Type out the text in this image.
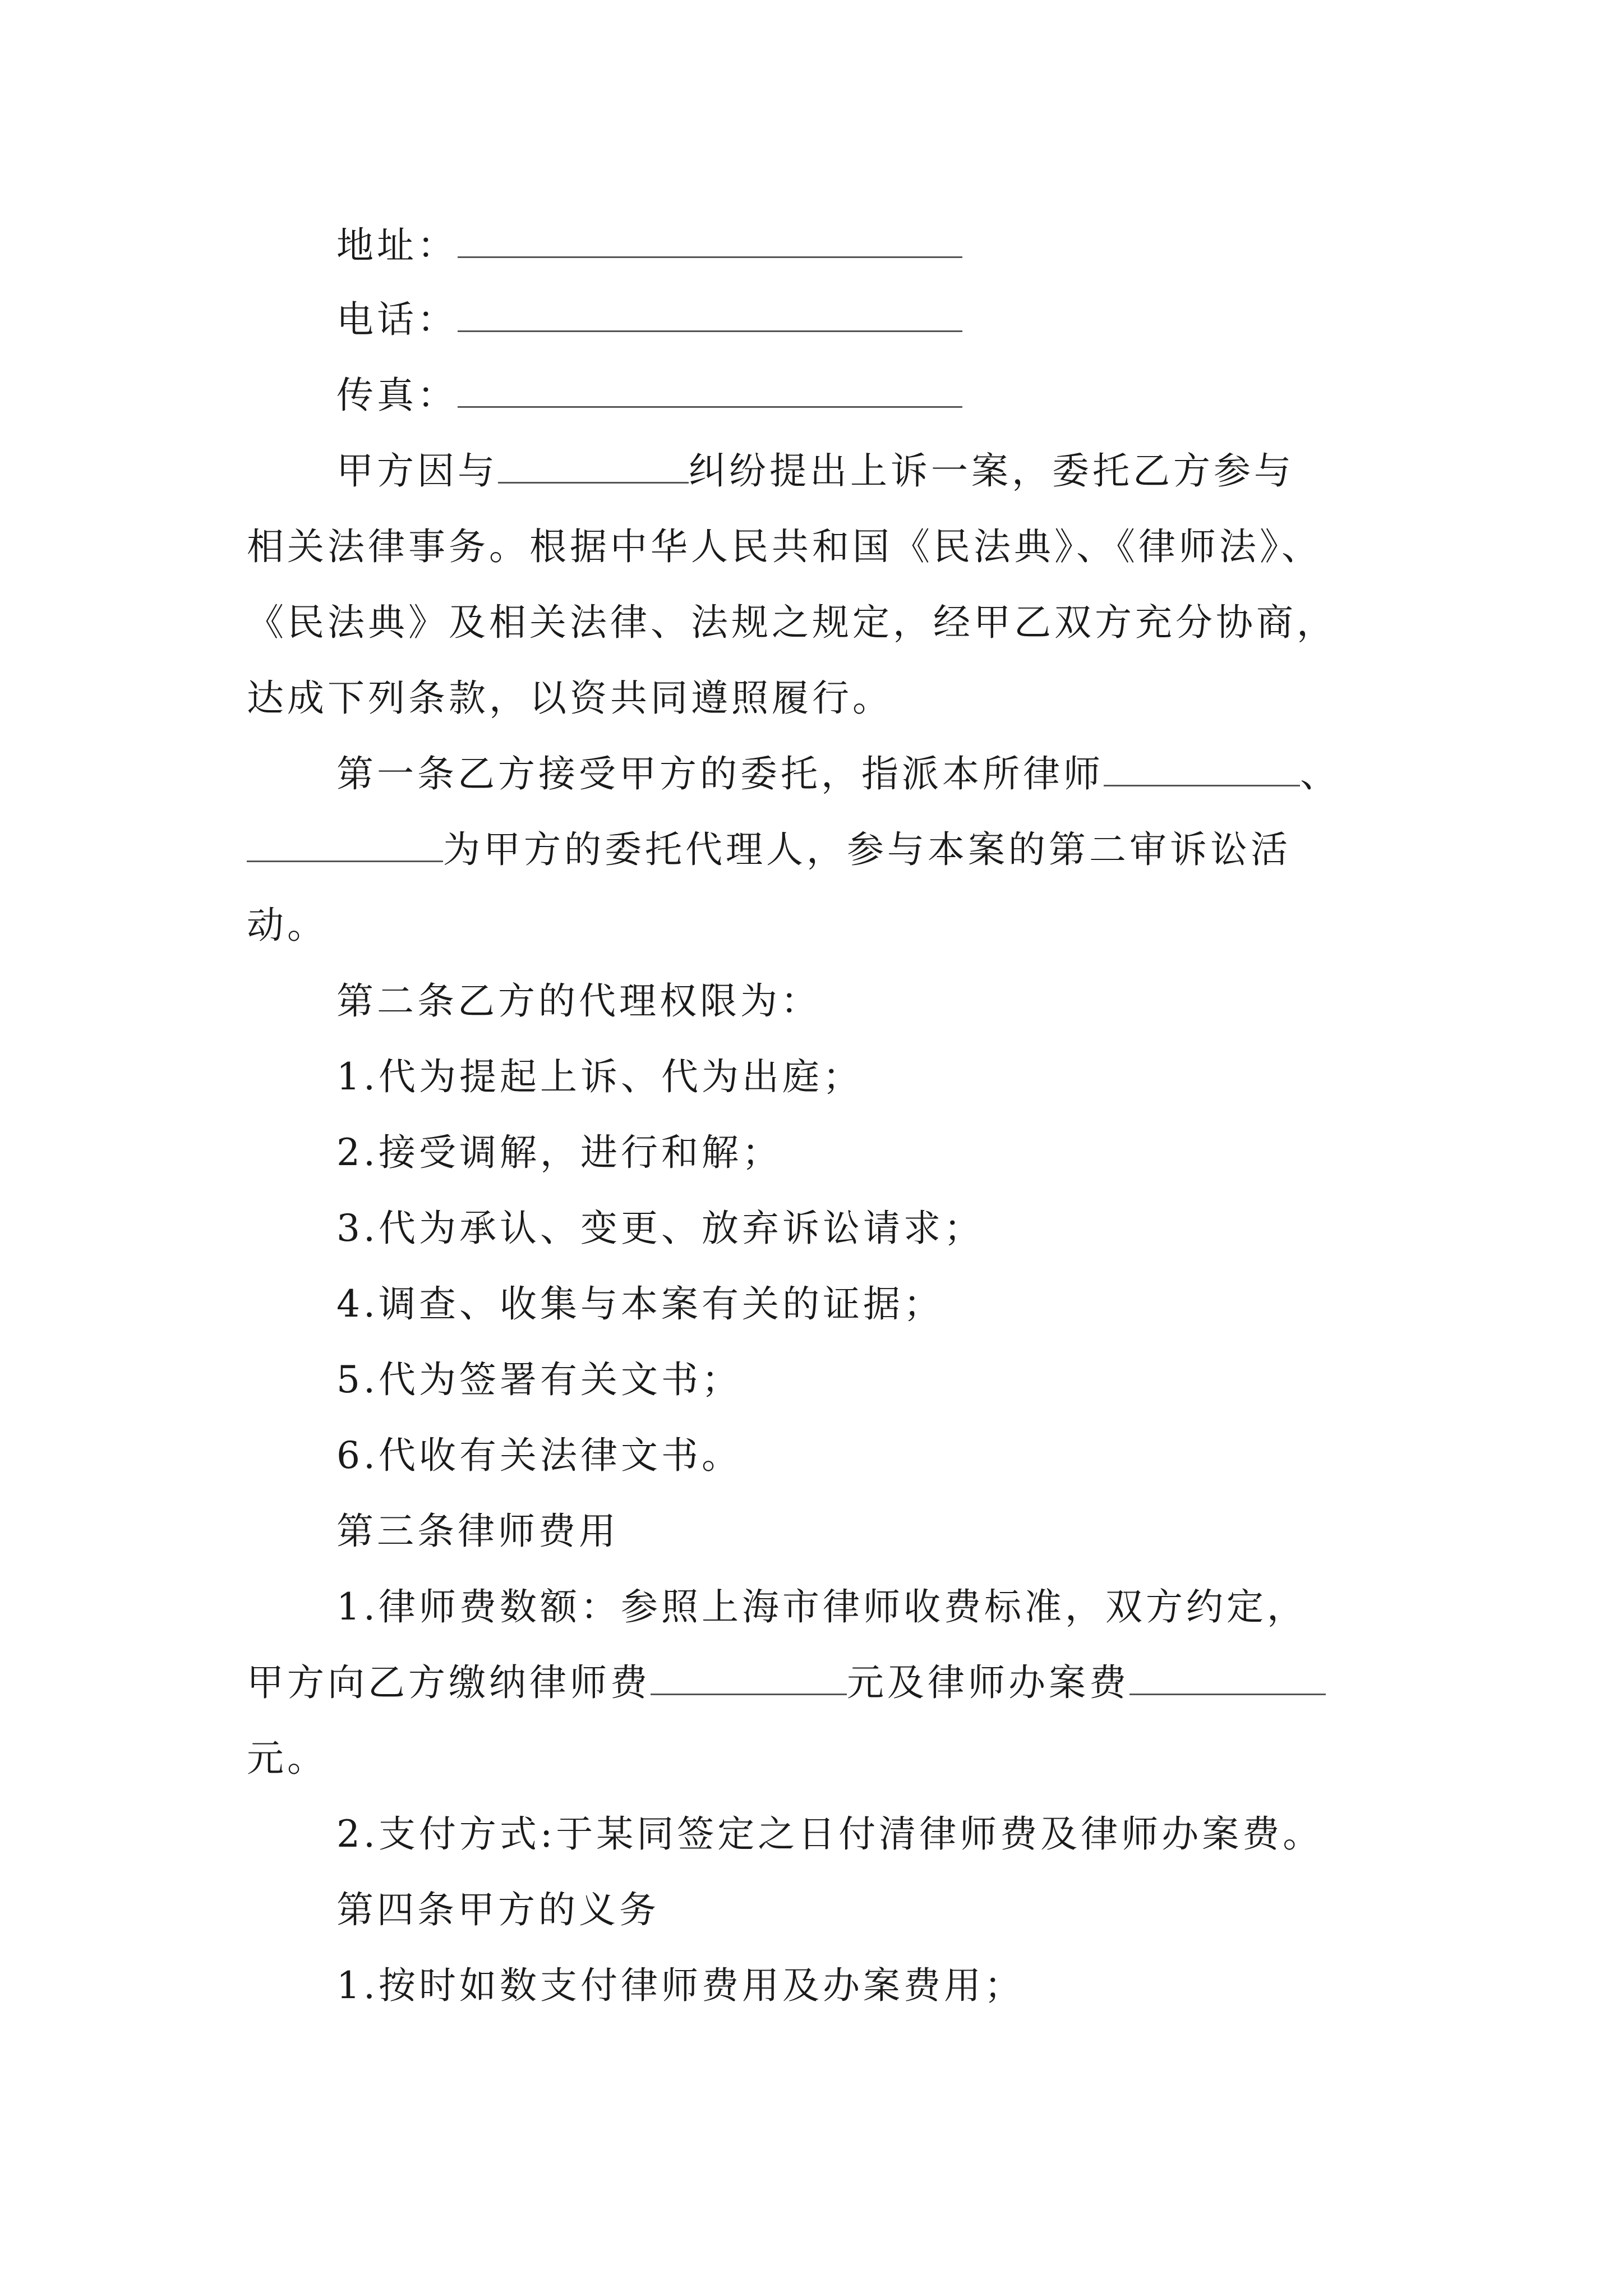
地址：
电话：
传真：
甲方因与	纠纷提出上诉一案，委托乙方参与
相关法律事务。根据中华人民共和国《民法典》、《律师法》、
《民法典》及相关法律、法规之规定，经甲乙双方充分协商，
达成下列条款，以资共同遵照履行。
第一条乙方接受甲方的委托，指派本所律师	、
为甲方的委托代理人，参与本案的第二审诉讼活
动。
第二条乙方的代理权限为：
1.代为提起上诉、代为出庭；
2.接受调解，进行和解；
3.代为承认、变更、放弃诉讼请求；
4.调查、收集与本案有关的证据；
5.代为签署有关文书；
6.代收有关法律文书。
第三条律师费用
1.律师费数额：参照上海市律师收费标准，双方约定，
甲方向乙方缴纳律师费	元及律师办案费
元。
2.支付方式:于某同签定之日付清律师费及律师办案费。
第四条甲方的义务
1.按时如数支付律师费用及办案费用；
